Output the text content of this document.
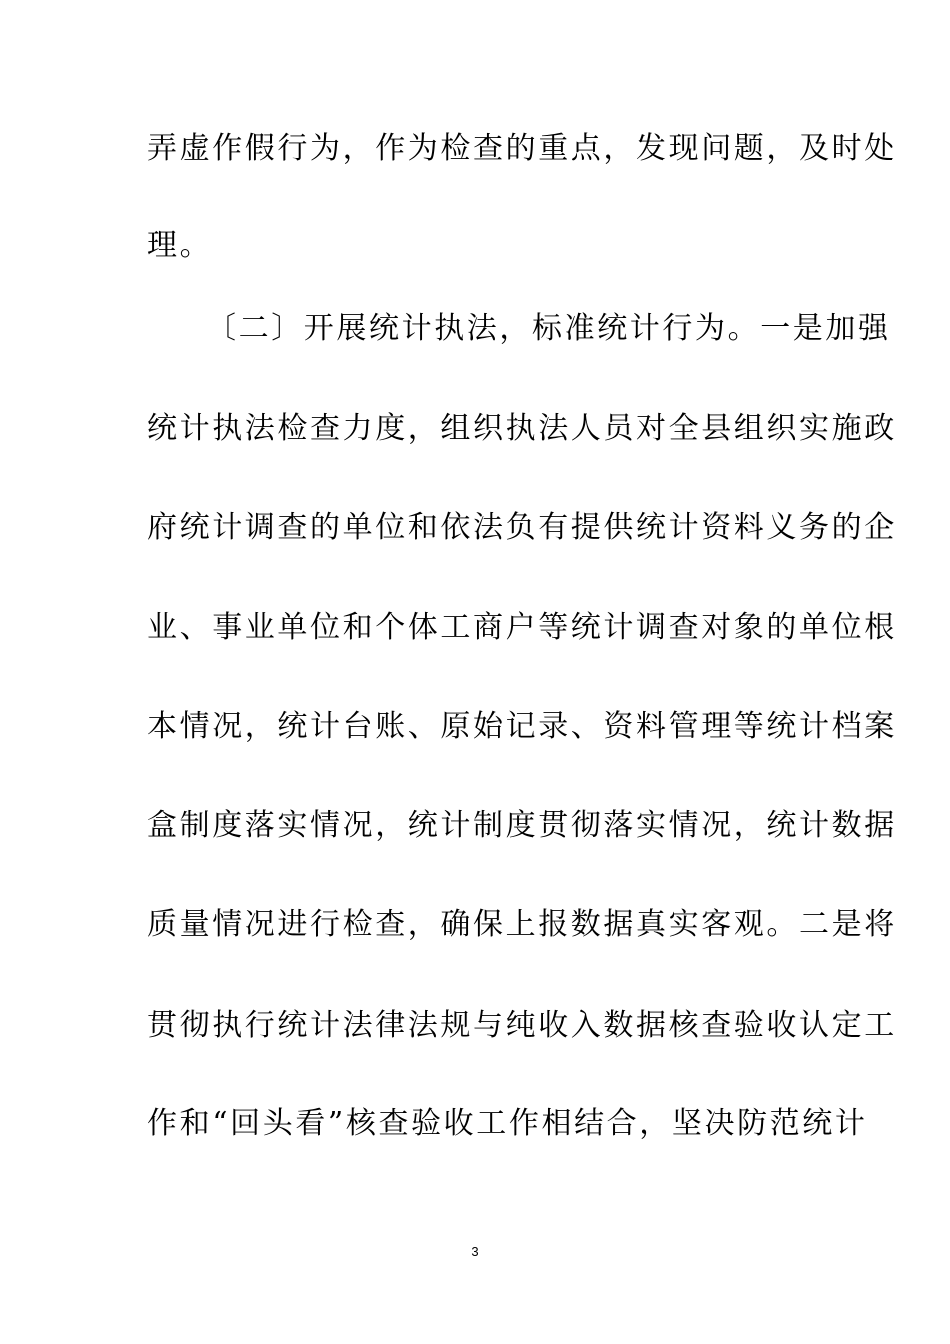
弄虚作假行为，作为检查的重点，发现问题，及时处
理。
〔二〕开展统计执法，标准统计行为。一是加强
统计执法检查力度，组织执法人员对全县组织实施政
府统计调查的单位和依法负有提供统计资料义务的企
业、事业单位和个体工商户等统计调查对象的单位根
本情况，统计台账、原始记录、资料管理等统计档案
盒制度落实情况，统计制度贯彻落实情况，统计数据
质量情况进行检查，确保上报数据真实客观。二是将
贯彻执行统计法律法规与纯收入数据核查验收认定工
作和“回头看”核查验收工作相结合，坚决防范统计
3
